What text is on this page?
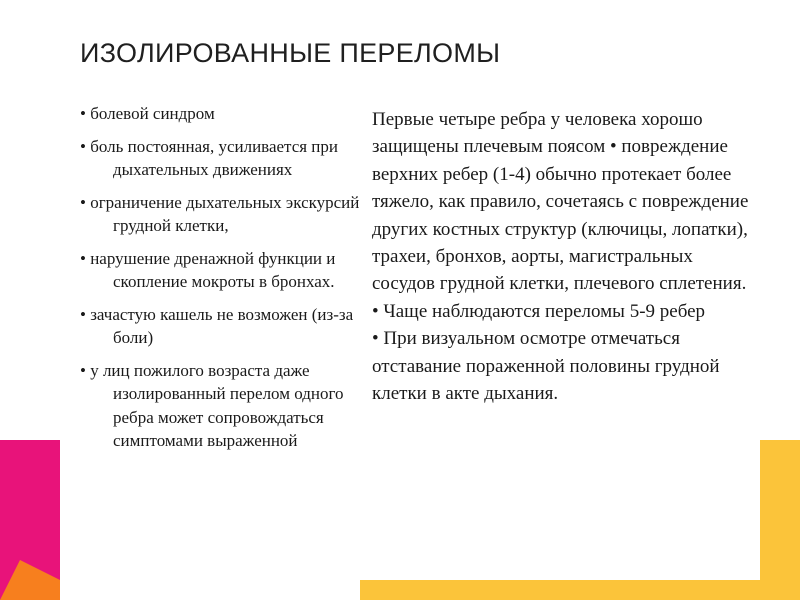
ИЗОЛИРОВАННЫЕ ПЕРЕЛОМЫ
• болевой синдром
• боль постоянная, усиливается при дыхательных движениях
• ограничение дыхательных экскурсий грудной клетки,
• нарушение дренажной функции и скопление мокроты в бронхах.
• зачастую кашель не возможен (из-за боли)
• у лиц пожилого возраста даже изолированный перелом одного ребра может сопровождаться симптомами выраженной

Первые четыре ребра у человека хорошо защищены плечевым поясом • повреждение верхних ребер (1-4) обычно протекает более тяжело, как правило, сочетаясь с повреждение других костных структур (ключицы, лопатки), трахеи, бронхов, аорты, магистральных сосудов грудной клетки, плечевого сплетения.

• Чаще наблюдаются переломы 5-9 ребер

• При визуальном осмотре отмечаться отставание пораженной половины грудной клетки в акте дыхания.
